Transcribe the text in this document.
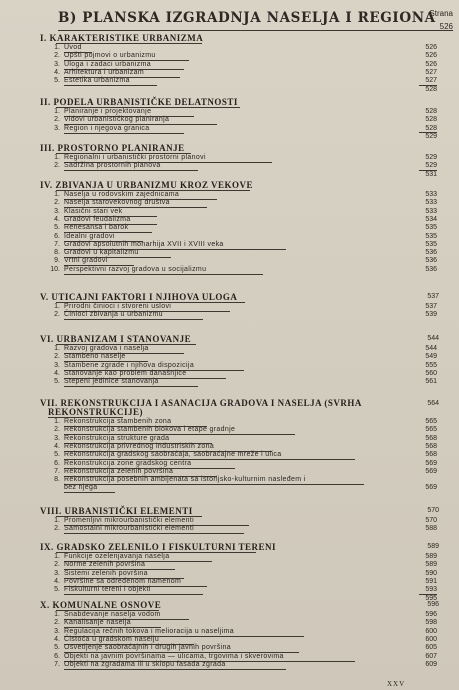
B) PLANSKA IZGRADNJA NASELJA I REGIONA
Strana
526
I. KARAKTERISTIKE URBANIZMA
1. Uvod	526
2. Opšti pojmovi o urbanizmu	526
3. Uloga i zadaci urbanizma	526
4. Arhitektura i urbanizam	527
5. Estetika urbanizma	527
528
II. PODELA URBANISTIČKE DELATNOSTI
1. Planiranje i projektovanje	528
2. Vidovi urbanističkog planiranja	528
3. Region i njegova granica	528
529
III. PROSTORNO PLANIRANJE
1. Regionalni i urbanistički prostorni planovi	529
2. Sadržina prostornih planova	529
531
IV. ZBIVANJA U URBANIZMU KROZ VEKOVE
1. Naselja u rodovskim zajednicama	533
2. Naselja starovekovnog društva	533
3. Klasični stari vek	533
4. Gradovi feudalizma	534
5. Renesansa i barok	535
6. Idealni gradovi	535
7. Gradovi apsolutnih monarhija XVII i XVIII veka	535
8. Gradovi u kapitalizmu	536
9. Vrtni gradovi	536
10. Perspektivni razvoj gradova u socijalizmu	536
V. UTICAJNI FAKTORI I NJIHOVA ULOGA	537
1. Prirodni činioci i stvoreni uslovi	537
2. Činioci zbivanja u urbanizmu	539
VI. URBANIZAM I STANOVANJE	544
1. Razvoj gradova i naselja	544
2. Stambeno naselje	549
3. Stambene zgrade i njihova dispozicija	555
4. Stanovanje kao problem današnjice	560
5. Stepeni jedinice stanovanja	561
VII. REKONSTRUKCIJA I ASANACIJA GRADOVA I NASELJA (SVRHA
REKONSTRUKCIJE)
564
1. Rekonstrukcija stambenih zona	565
2. Rekonstrukcija stambenih blokova i etape gradnje	565
3. Rekonstrukcija strukture grada	568
4. Rekonstrukcija privrednog industriskih zona	568
5. Rekonstrukcija gradskog saobraćaja, saobraćajne mreže i ulica	568
6. Rekonstrukcija zone gradskog centra	569
7. Rekonstrukcija zelenih površina	569
8. Rekonstrukcija posebnih ambijenata sa istorijsko-kulturnim nasleđem i
bez njega	569
VIII. URBANISTIČKI ELEMENTI	570
1. Promenljivi mikrourbanistički elementi	570
2. Samostalni mikrourbanistički elementi	588
IX. GRADSKO ZELENILO I FISKULTURNI TERENI	589
1. Funkcije ozelenjavanja naselja	589
2. Norme zelenih površina	589
3. Sistemi zelenih površina	590
4. Površine sa određenom namenom	591
5. Fiskulturni tereni i objekti	593
595
X. KOMUNALNE OSNOVE	596
1. Snabdevanje naselja vodom	596
2. Kanalisanje naselja	598
3. Regulacija rečnih tokova i melioracija u naseljima	600
4. Čistoća u gradskom naselju	600
5. Osvetljenje saobraćajnih i drugih javnih površina	605
6. Objekti na javnim površinama — ulicama, trgovima i skverovima	607
7. Objekti na zgradama ili u sklopu fasada zgrada	609
XXV
